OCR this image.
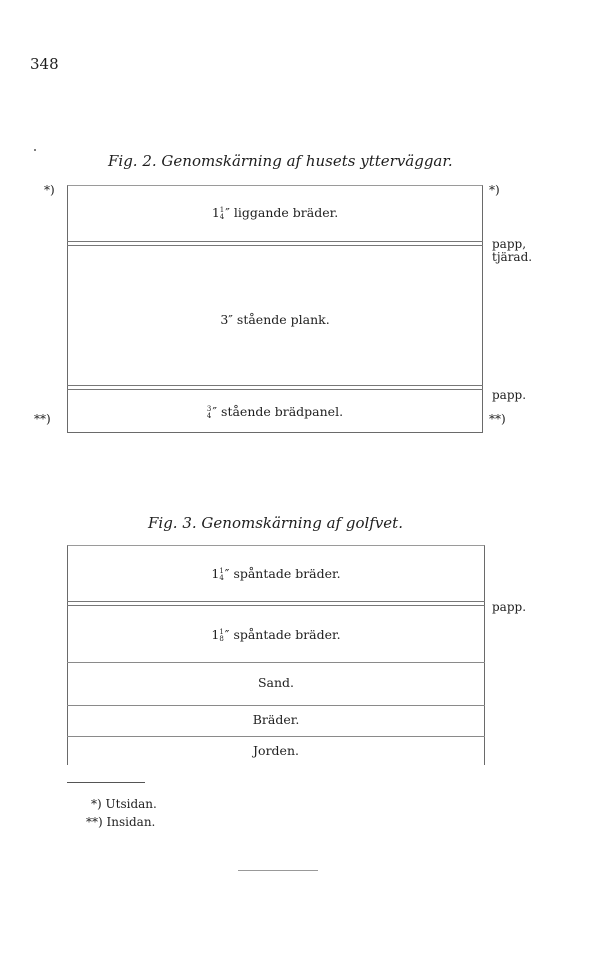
348
Fig. 2. Genomskärning af husets ytterväggar.
*)	*)
1 1
4 ″ liggande bräder.
papp,
tjärad.
3″ stående plank.
papp.
3
4 ″ stående brädpanel.
**)	**)
Fig. 3. Genomskärning af golfvet.
1 1
4 ″ spåntade bräder.
papp.
1 1
8 ″ spåntade bräder.
Sand.
Bräder.
Jorden.
*) Utsidan.
**) Insidan.
